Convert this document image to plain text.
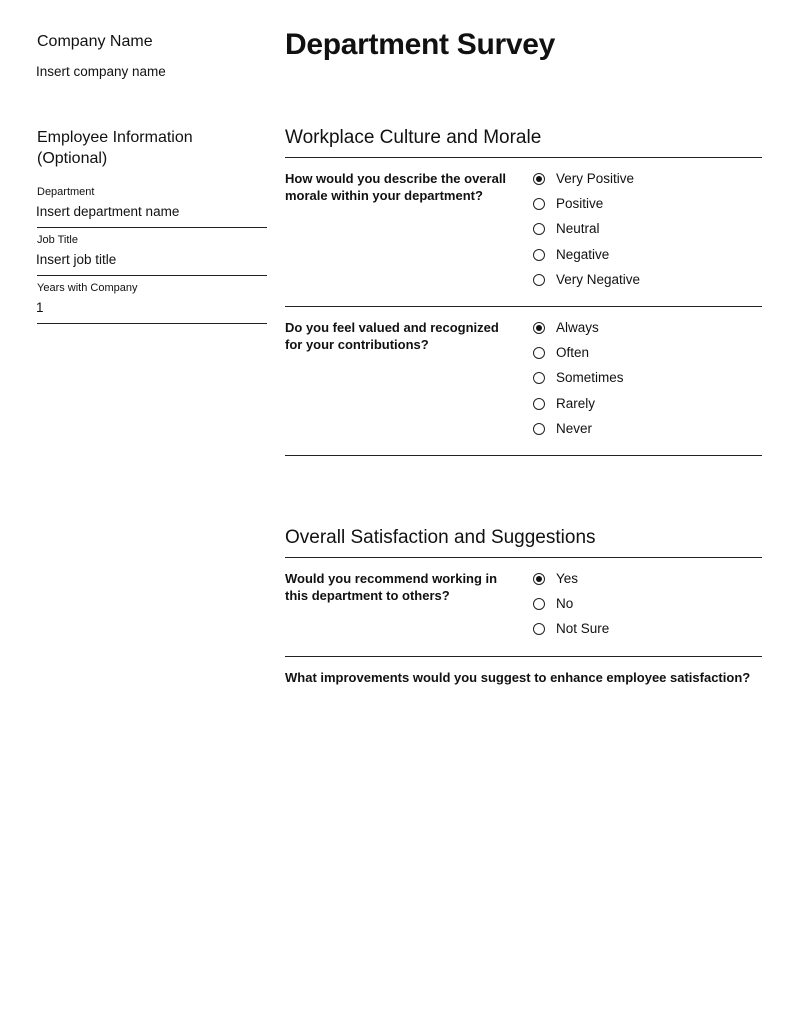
Company Name
Insert company name
Employee Information (Optional)
Department
Insert department name
Job Title
Insert job title
Years with Company
1
Department Survey
Workplace Culture and Morale
How would you describe the overall morale within your department?
Very Positive
Positive
Neutral
Negative
Very Negative
Do you feel valued and recognized for your contributions?
Always
Often
Sometimes
Rarely
Never
Overall Satisfaction and Suggestions
Would you recommend working in this department to others?
Yes
No
Not Sure
What improvements would you suggest to enhance employee satisfaction?
